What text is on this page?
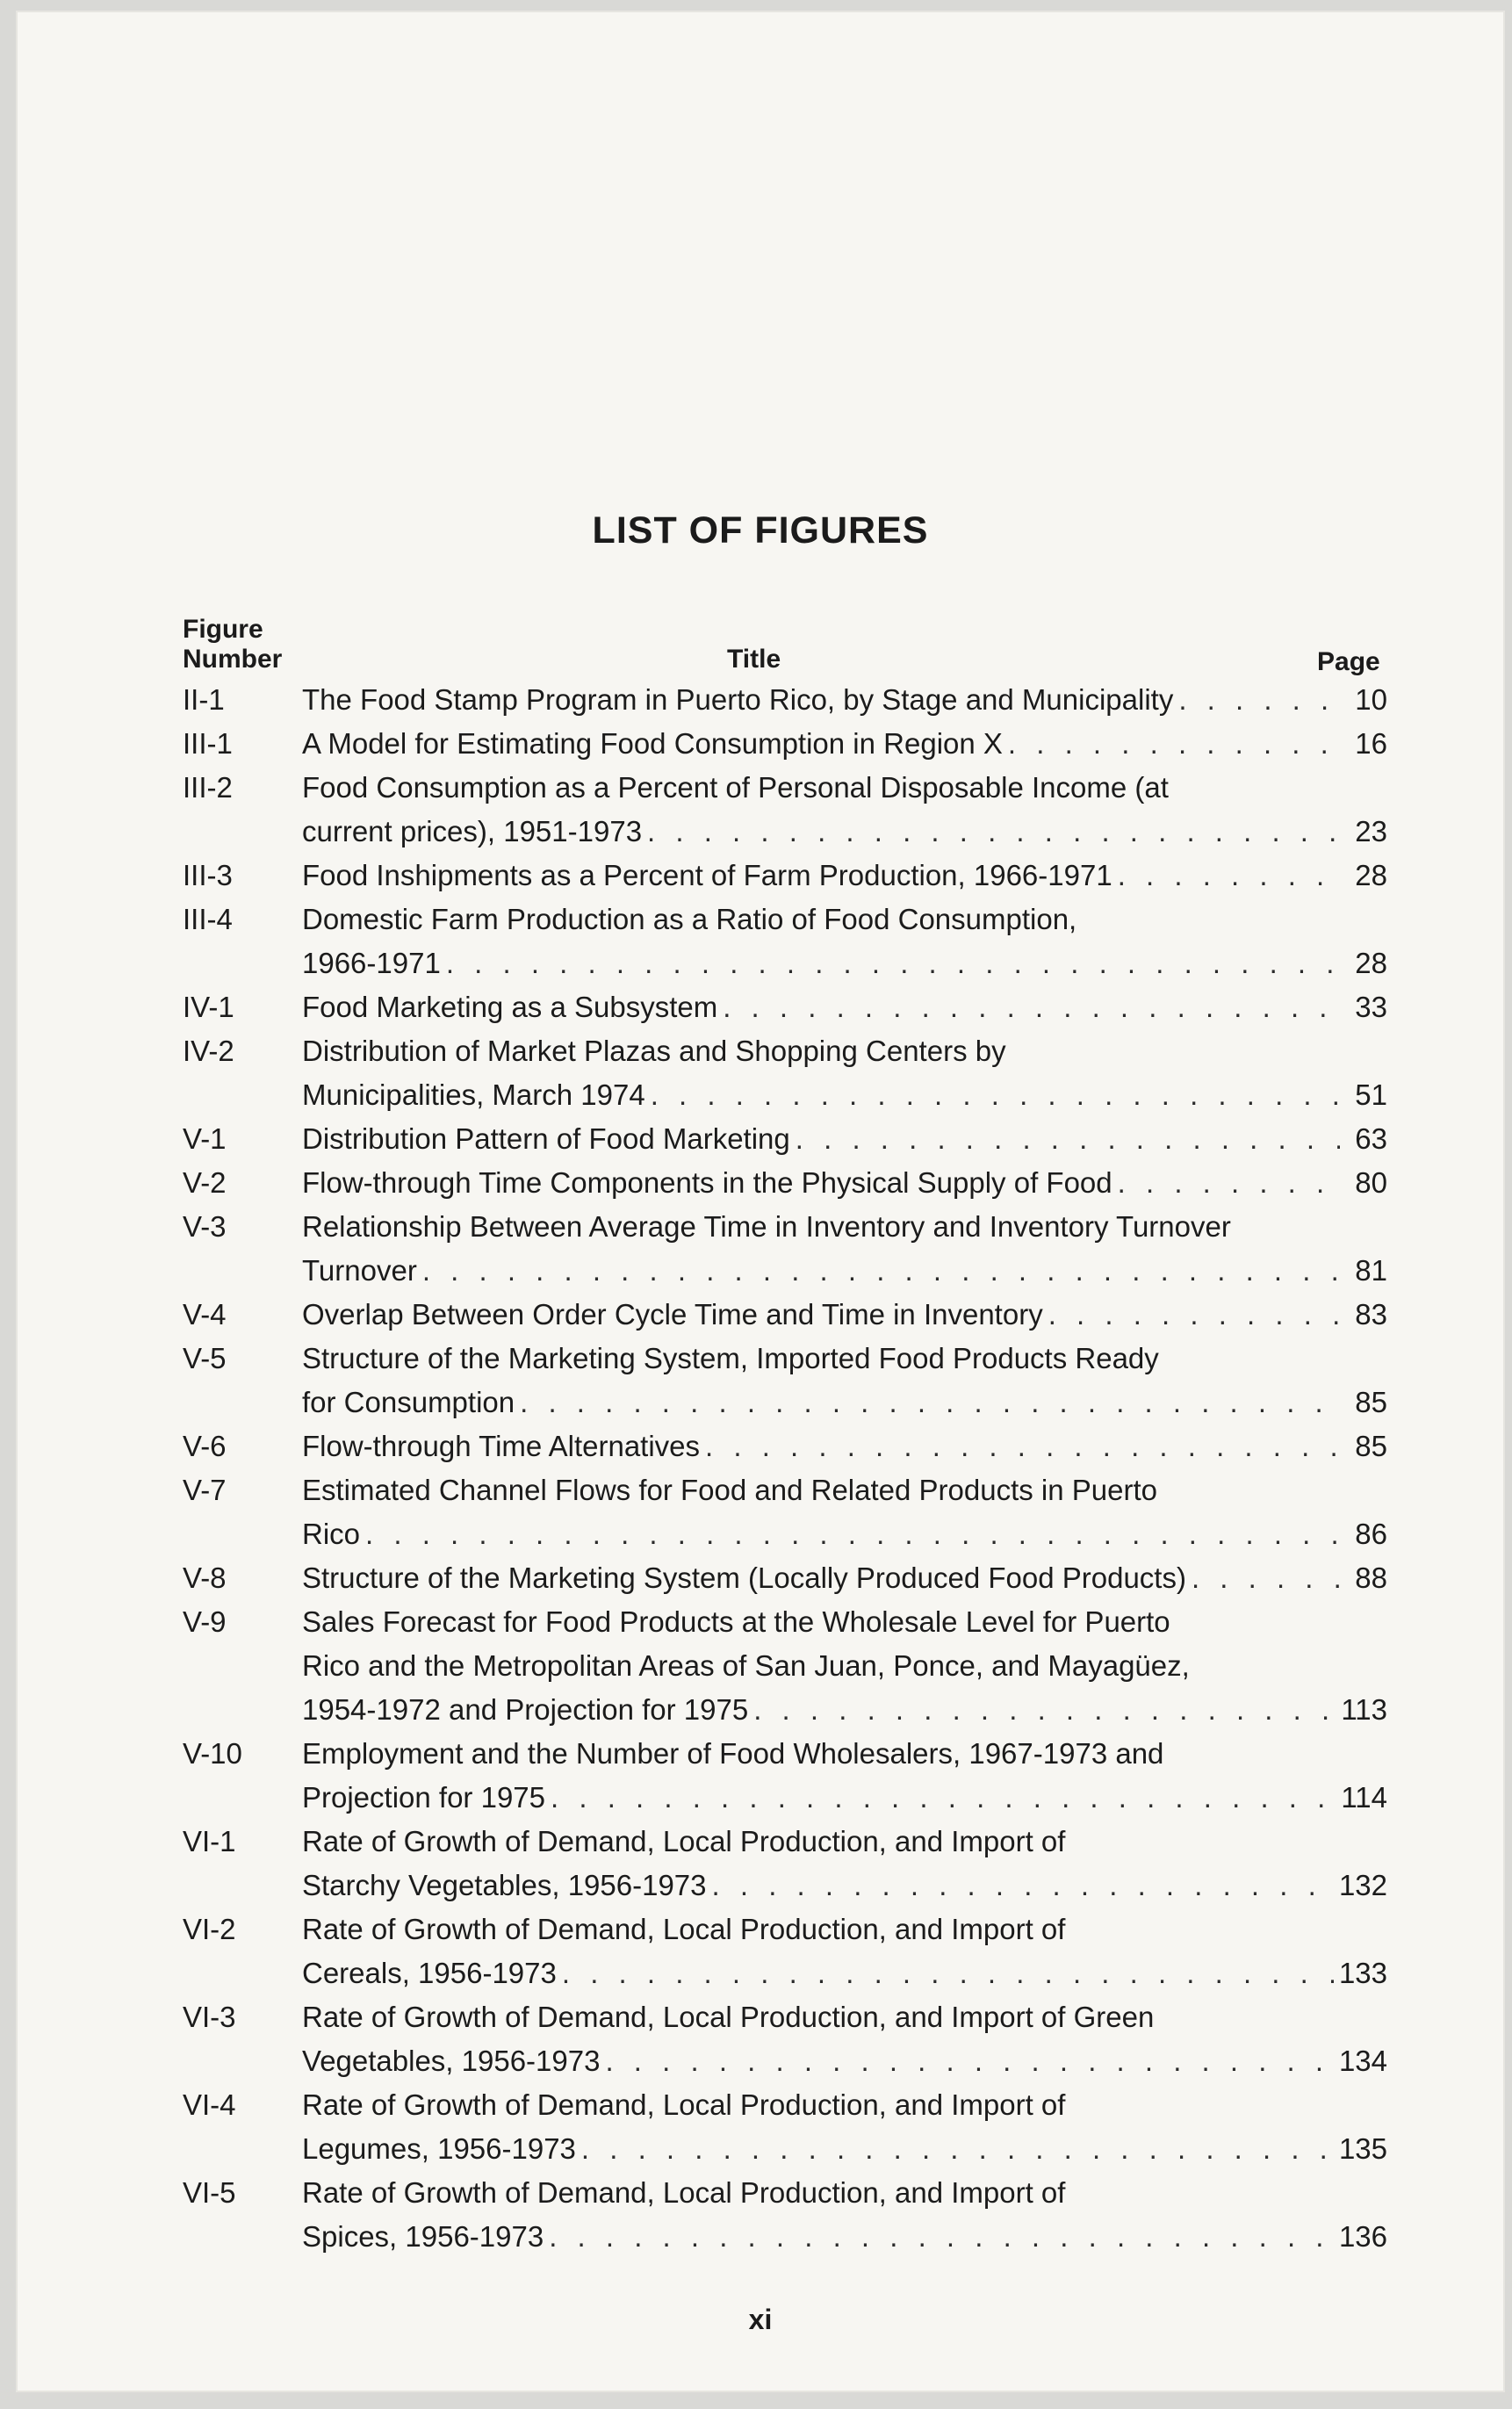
LIST OF FIGURES
Figure
Number	Title	Page
II-1	The Food Stamp Program in Puerto Rico, by Stage and Municipality . . .	10
III-1	A Model for Estimating Food Consumption in Region X . . .	16
III-2	Food Consumption as a Percent of Personal Disposable Income (at
current prices), 1951-1973 . . .	23
III-3	Food Inshipments as a Percent of Farm Production, 1966-1971 . . .	28
III-4	Domestic Farm Production as a Ratio of Food Consumption,
1966-1971 . . .	28
IV-1	Food Marketing as a Subsystem . . .	33
IV-2	Distribution of Market Plazas and Shopping Centers by
Municipalities, March 1974 . . .	51
V-1	Distribution Pattern of Food Marketing . . .	63
V-2	Flow-through Time Components in the Physical Supply of Food . . .	80
V-3	Relationship Between Average Time in Inventory and Inventory Turnover
Turnover . . .	81
V-4	Overlap Between Order Cycle Time and Time in Inventory . . .	83
V-5	Structure of the Marketing System, Imported Food Products Ready
for Consumption . . .	85
V-6	Flow-through Time Alternatives . . .	85
V-7	Estimated Channel Flows for Food and Related Products in Puerto
Rico . . .	86
V-8	Structure of the Marketing System (Locally Produced Food Products) . . .	88
V-9	Sales Forecast for Food Products at the Wholesale Level for Puerto
Rico and the Metropolitan Areas of San Juan, Ponce, and Mayagüez,
1954-1972 and Projection for 1975 . . .	113
V-10	Employment and the Number of Food Wholesalers, 1967-1973 and
Projection for 1975 . . .	114
VI-1	Rate of Growth of Demand, Local Production, and Import of
Starchy Vegetables, 1956-1973 . . .	132
VI-2	Rate of Growth of Demand, Local Production, and Import of
Cereals, 1956-1973 . . .	133
VI-3	Rate of Growth of Demand, Local Production, and Import of Green
Vegetables, 1956-1973 . . .	134
VI-4	Rate of Growth of Demand, Local Production, and Import of
Legumes, 1956-1973 . . .	135
VI-5	Rate of Growth of Demand, Local Production, and Import of
Spices, 1956-1973 . . .	136
xi
